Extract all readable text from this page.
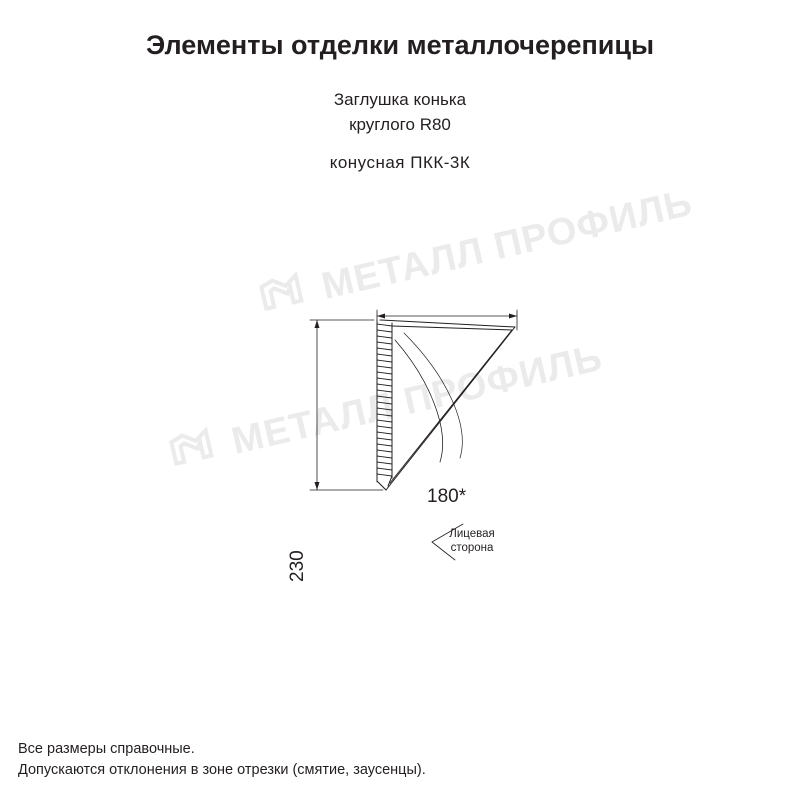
Элементы отделки металлочерепицы
Заглушка конька
круглого R80
конусная ПКК-3К
МЕТАЛЛ ПРОФИЛЬ
МЕТАЛЛ ПРОФИЛЬ
180*
230
Лицевая
сторона
Все размеры справочные.
Допускаются отклонения в зоне отрезки (смятие, заусенцы).
